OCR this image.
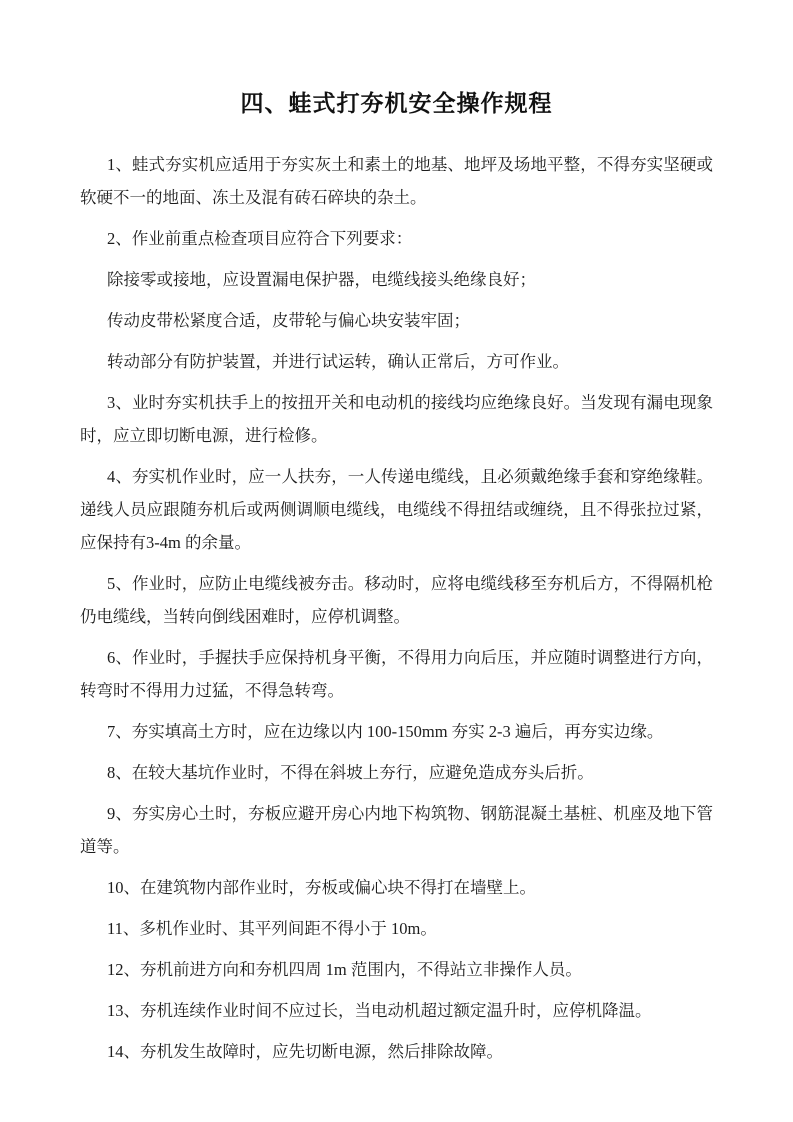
四、蛙式打夯机安全操作规程

1、蛙式夯实机应适用于夯实灰土和素土的地基、地坪及场地平整，不得夯实坚硬或软硬不一的地面、冻土及混有砖石碎块的杂土。

2、作业前重点检查项目应符合下列要求：

除接零或接地，应设置漏电保护器，电缆线接头绝缘良好；

传动皮带松紧度合适，皮带轮与偏心块安装牢固；

转动部分有防护装置，并进行试运转，确认正常后，方可作业。

3、业时夯实机扶手上的按扭开关和电动机的接线均应绝缘良好。当发现有漏电现象时，应立即切断电源，进行检修。

4、夯实机作业时，应一人扶夯，一人传递电缆线，且必须戴绝缘手套和穿绝缘鞋。递线人员应跟随夯机后或两侧调顺电缆线，电缆线不得扭结或缠绕，且不得张拉过紧，应保持有3-4m 的余量。

5、作业时，应防止电缆线被夯击。移动时，应将电缆线移至夯机后方，不得隔机枪仍电缆线，当转向倒线困难时，应停机调整。

6、作业时，手握扶手应保持机身平衡，不得用力向后压，并应随时调整进行方向，转弯时不得用力过猛，不得急转弯。

7、夯实填高土方时，应在边缘以内 100-150mm 夯实 2-3 遍后，再夯实边缘。

8、在较大基坑作业时，不得在斜坡上夯行，应避免造成夯头后折。

9、夯实房心土时，夯板应避开房心内地下构筑物、钢筋混凝土基桩、机座及地下管道等。

10、在建筑物内部作业时，夯板或偏心块不得打在墙壁上。

11、多机作业时、其平列间距不得小于 10m。

12、夯机前进方向和夯机四周 1m 范围内，不得站立非操作人员。

13、夯机连续作业时间不应过长，当电动机超过额定温升时，应停机降温。

14、夯机发生故障时，应先切断电源，然后排除故障。
